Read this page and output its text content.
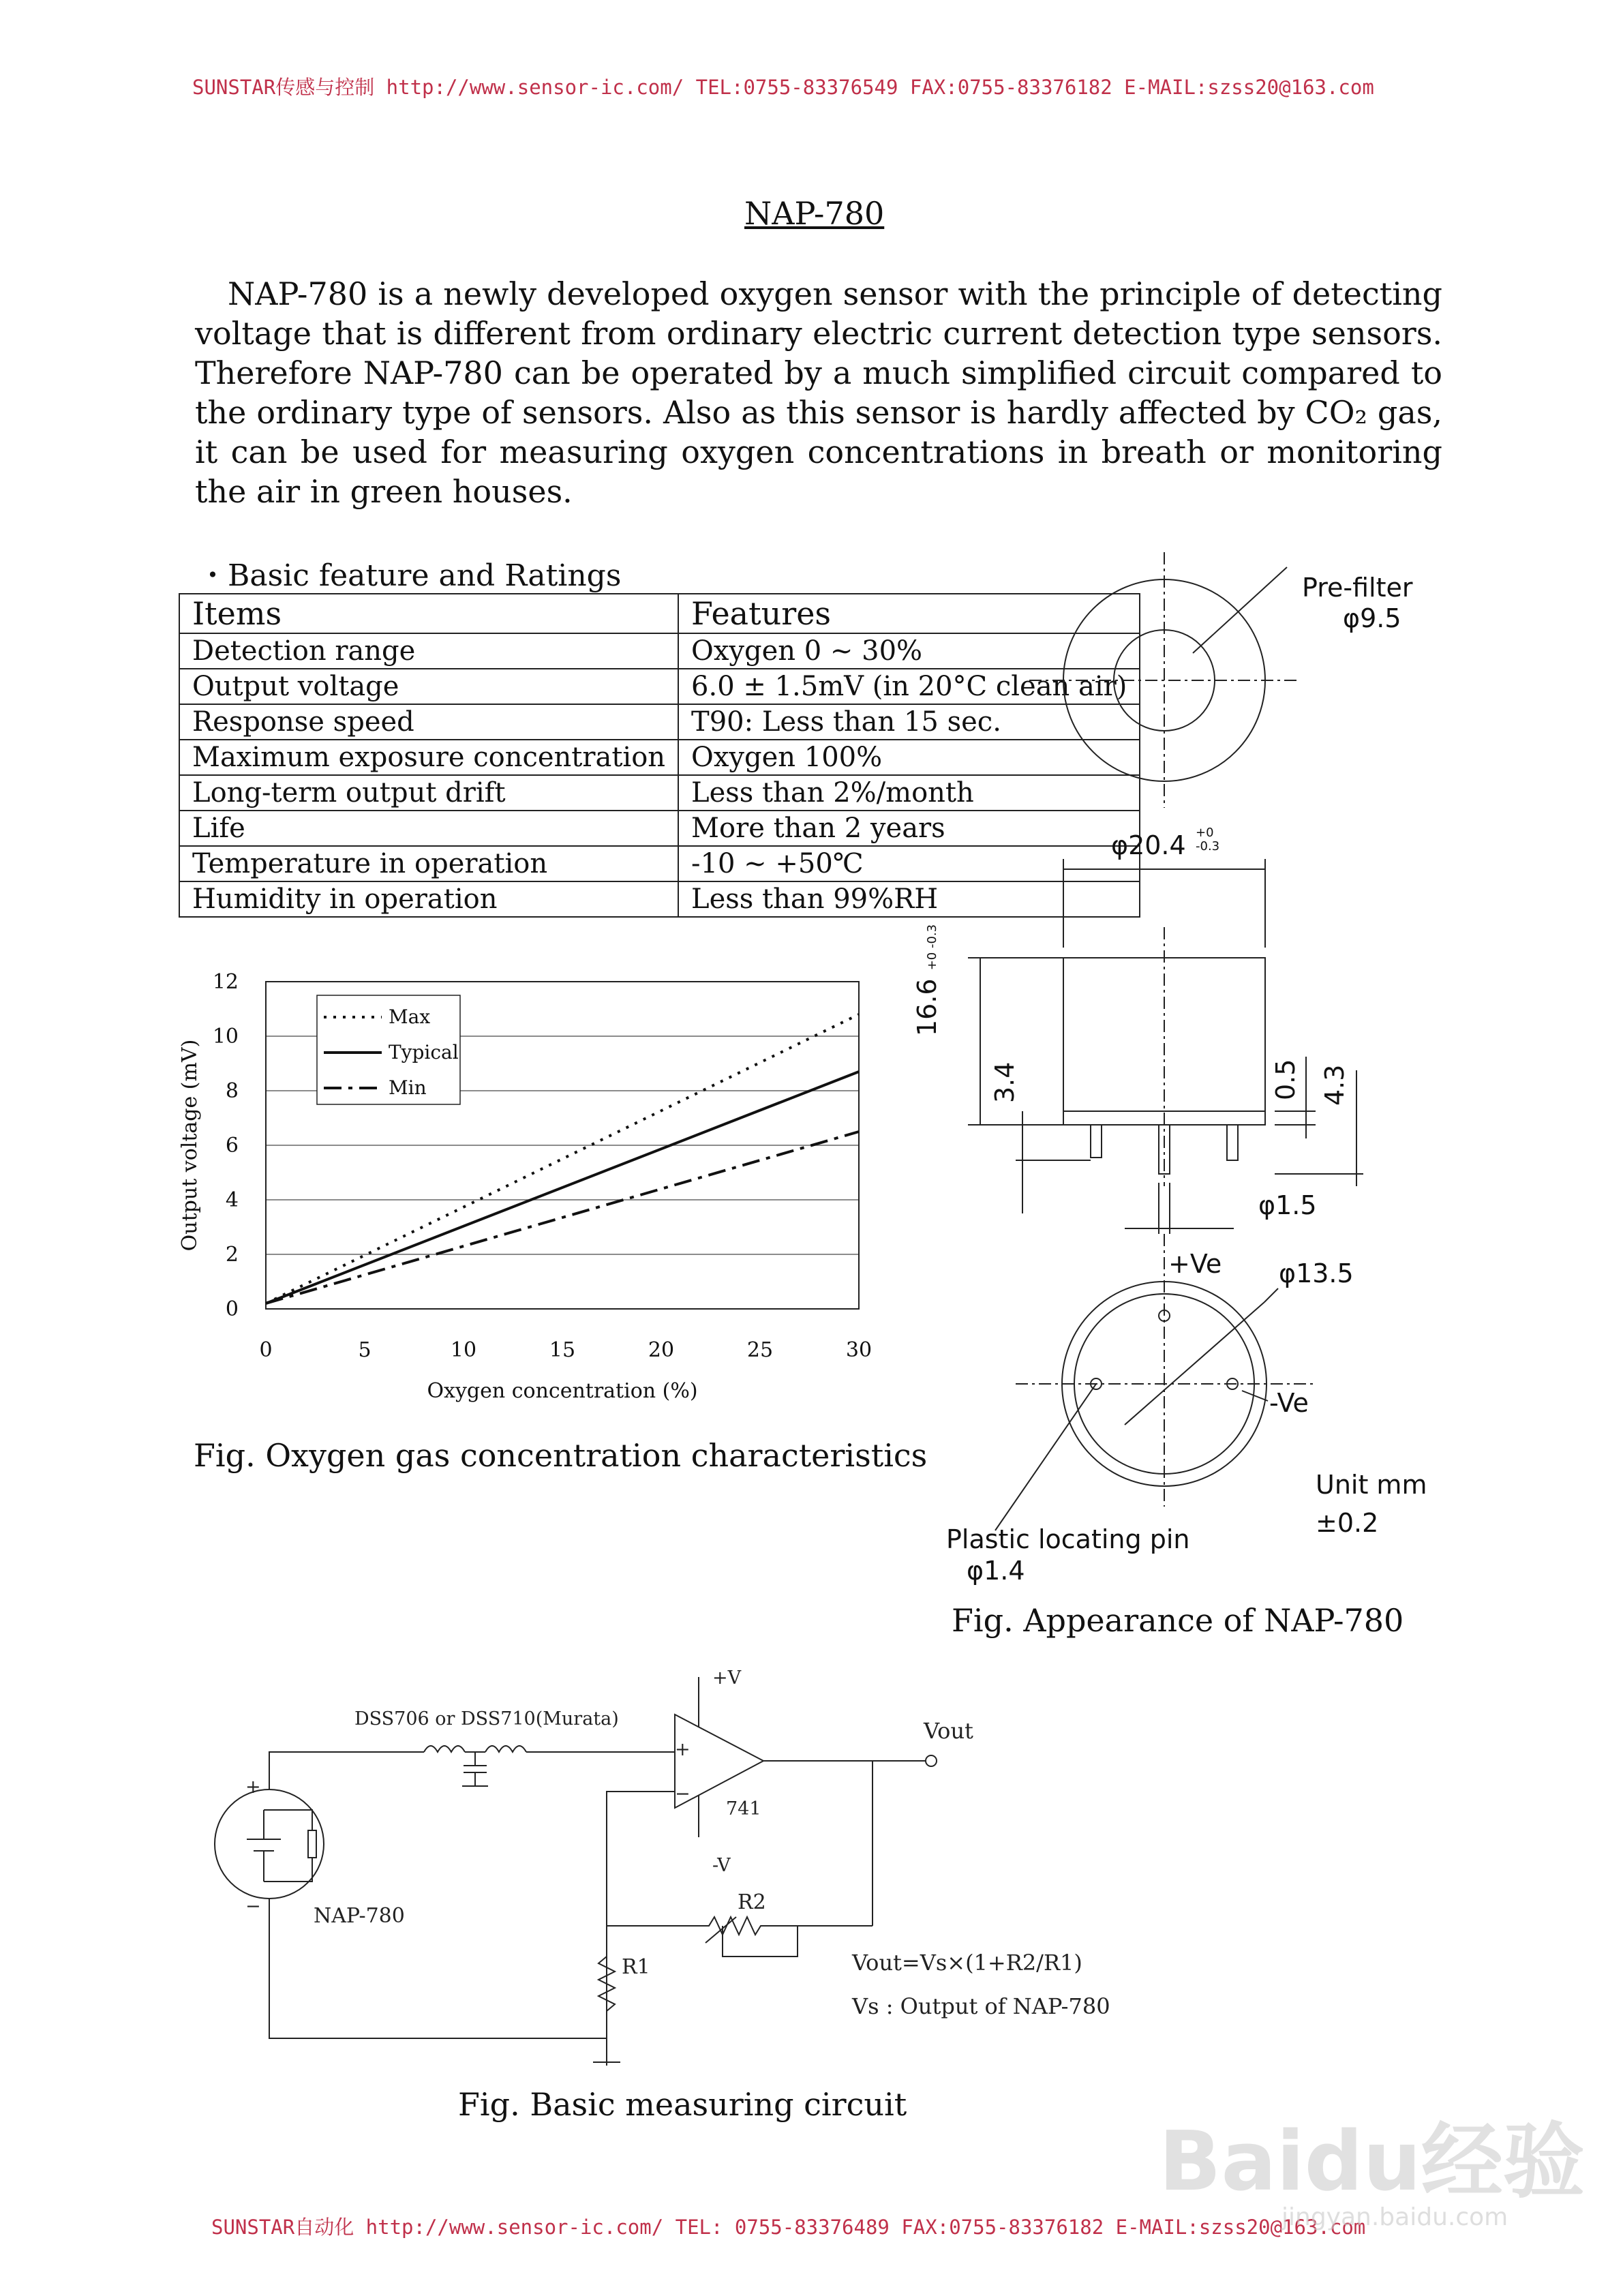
SUNSTAR传感与控制 http://www.sensor-ic.com/ TEL:0755-83376549 FAX:0755-83376182 E-MAIL:szss20@163.com
NAP-780
NAP-780 is a newly developed oxygen sensor with the principle of detecting voltage that is different from ordinary electric current detection type sensors. Therefore NAP-780 can be operated by a much simplified circuit compared to the ordinary type of sensors. Also as this sensor is hardly affected by CO₂ gas, it can be used for measuring oxygen concentrations in breath or monitoring the air in green houses.
・Basic feature and Ratings
Items	Features
Detection range	Oxygen 0 ~ 30%
Output voltage	6.0 ± 1.5mV (in 20°C clean air)
Response speed	T90: Less than 15 sec.
Maximum exposure concentration	Oxygen 100%
Long-term output drift	Less than 2%/month
Life	More than 2 years
Temperature in operation	-10 ~ +50℃
Humidity in operation	Less than 99%RH
0
2
4
6
8
10
12
0	5	10	15	20	25	30
Oxygen concentration (%)
Output voltage (mV)
Max
Typical
Min
Fig. Oxygen gas concentration characteristics
Pre-filter
φ9.5
φ20.4 +0
-0.3
16.6 +0 -0.3
3.4	0.5 4.3
φ1.5
+Ve φ13.5
-Ve
Unit mm
±0.2
Plastic locating pin
φ1.4
Fig. Appearance of NAP-780
DSS706 or DSS710(Murata)
+V
-V
741
+
−
Vout
NAP-780
+
−
R1
R2
Vout=Vs×(1+R2/R1)
Vs : Output of NAP-780
Fig. Basic measuring circuit
SUNSTAR自动化 http://www.sensor-ic.com/ TEL: 0755-83376489 FAX:0755-83376182 E-MAIL:szss20@163.com
Baidu经验
jingyan.baidu.com
